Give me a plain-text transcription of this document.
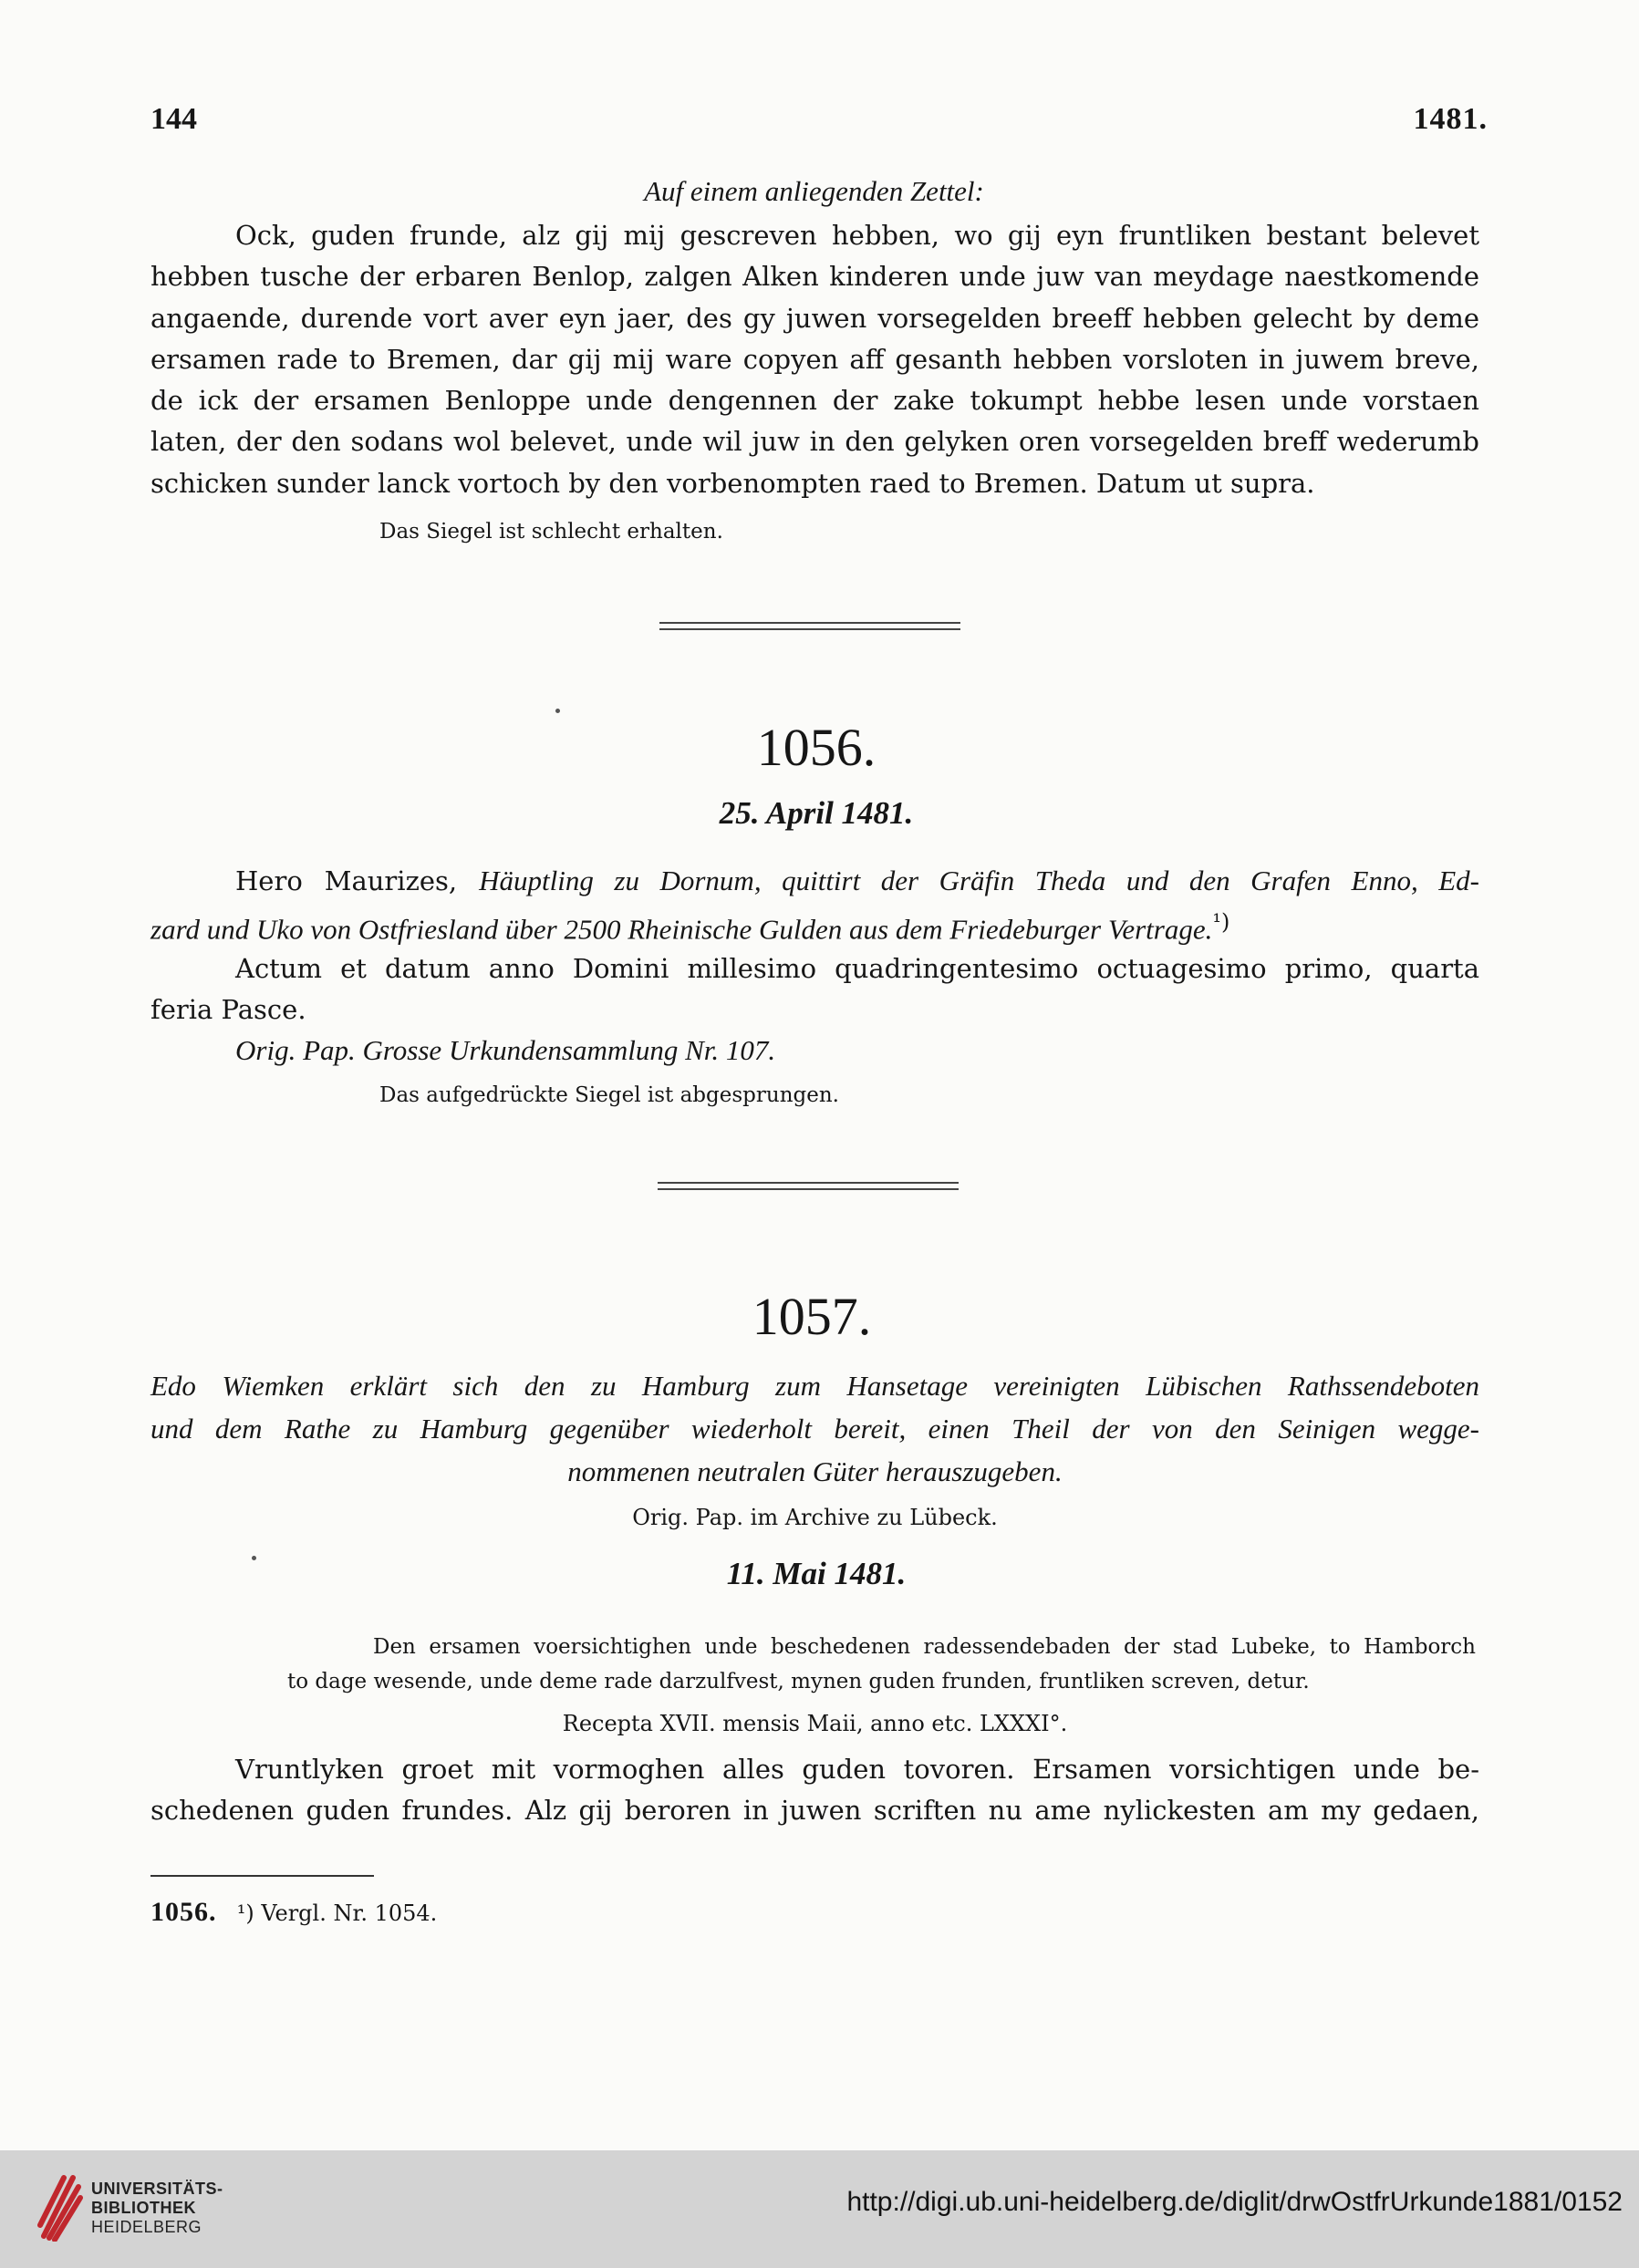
144	1481.
Auf einem anliegenden Zettel:
Ock, guden frunde, alz gij mij gescreven hebben, wo gij eyn fruntliken bestant belevet
hebben tusche der erbaren Benlop, zalgen Alken kinderen unde juw van meydage naestkomende
angaende, durende vort aver eyn jaer, des gy juwen vorsegelden breeff hebben gelecht by deme
ersamen rade to Bremen, dar gij mij ware copyen aff gesanth hebben vorsloten in juwem breve,
de ick der ersamen Benloppe unde dengennen der zake tokumpt hebbe lesen unde vorstaen
laten, der den sodans wol belevet, unde wil juw in den gelyken oren vorsegelden breff wederumb
schicken sunder lanck vortoch by den vorbenompten raed to Bremen. Datum ut supra.
Das Siegel ist schlecht erhalten.
1056.
25. April 1481.
Hero Maurizes, Häuptling zu Dornum, quittirt der Gräfin Theda und den Grafen Enno, Ed-
zard und Uko von Ostfriesland über 2500 Rheinische Gulden aus dem Friedeburger Vertrage.$^{^1)}$
Actum et datum anno Domini millesimo quadringentesimo octuagesimo primo, quarta
feria Pasce.
Orig. Pap. Grosse Urkundensammlung Nr. 107.
Das aufgedrückte Siegel ist abgesprungen.
1057.
Edo Wiemken erklärt sich den zu Hamburg zum Hansetage vereinigten Lübischen Rathssendeboten
und dem Rathe zu Hamburg gegenüber wiederholt bereit, einen Theil der von den Seinigen wegge-
nommenen neutralen Güter herauszugeben.
Orig. Pap. im Archive zu Lübeck.
11. Mai 1481.
Den ersamen voersichtighen unde beschedenen radessendebaden der stad Lubeke, to Hamborch
to dage wesende, unde deme rade darzulfvest, mynen guden frunden, fruntliken screven, detur.
Recepta XVII. mensis Maii, anno etc. LXXXI°.
Vruntlyken groet mit vormoghen alles guden tovoren. Ersamen vorsichtigen unde be-
schedenen guden frundes. Alz gij beroren in juwen scriften nu ame nylickesten am my gedaen,
1056. ¹) Vergl. Nr. 1054.
UNIVERSITÄTS-
BIBLIOTHEK
HEIDELBERG
http://digi.ub.uni-heidelberg.de/diglit/drwOstfrUrkunde1881/0152
